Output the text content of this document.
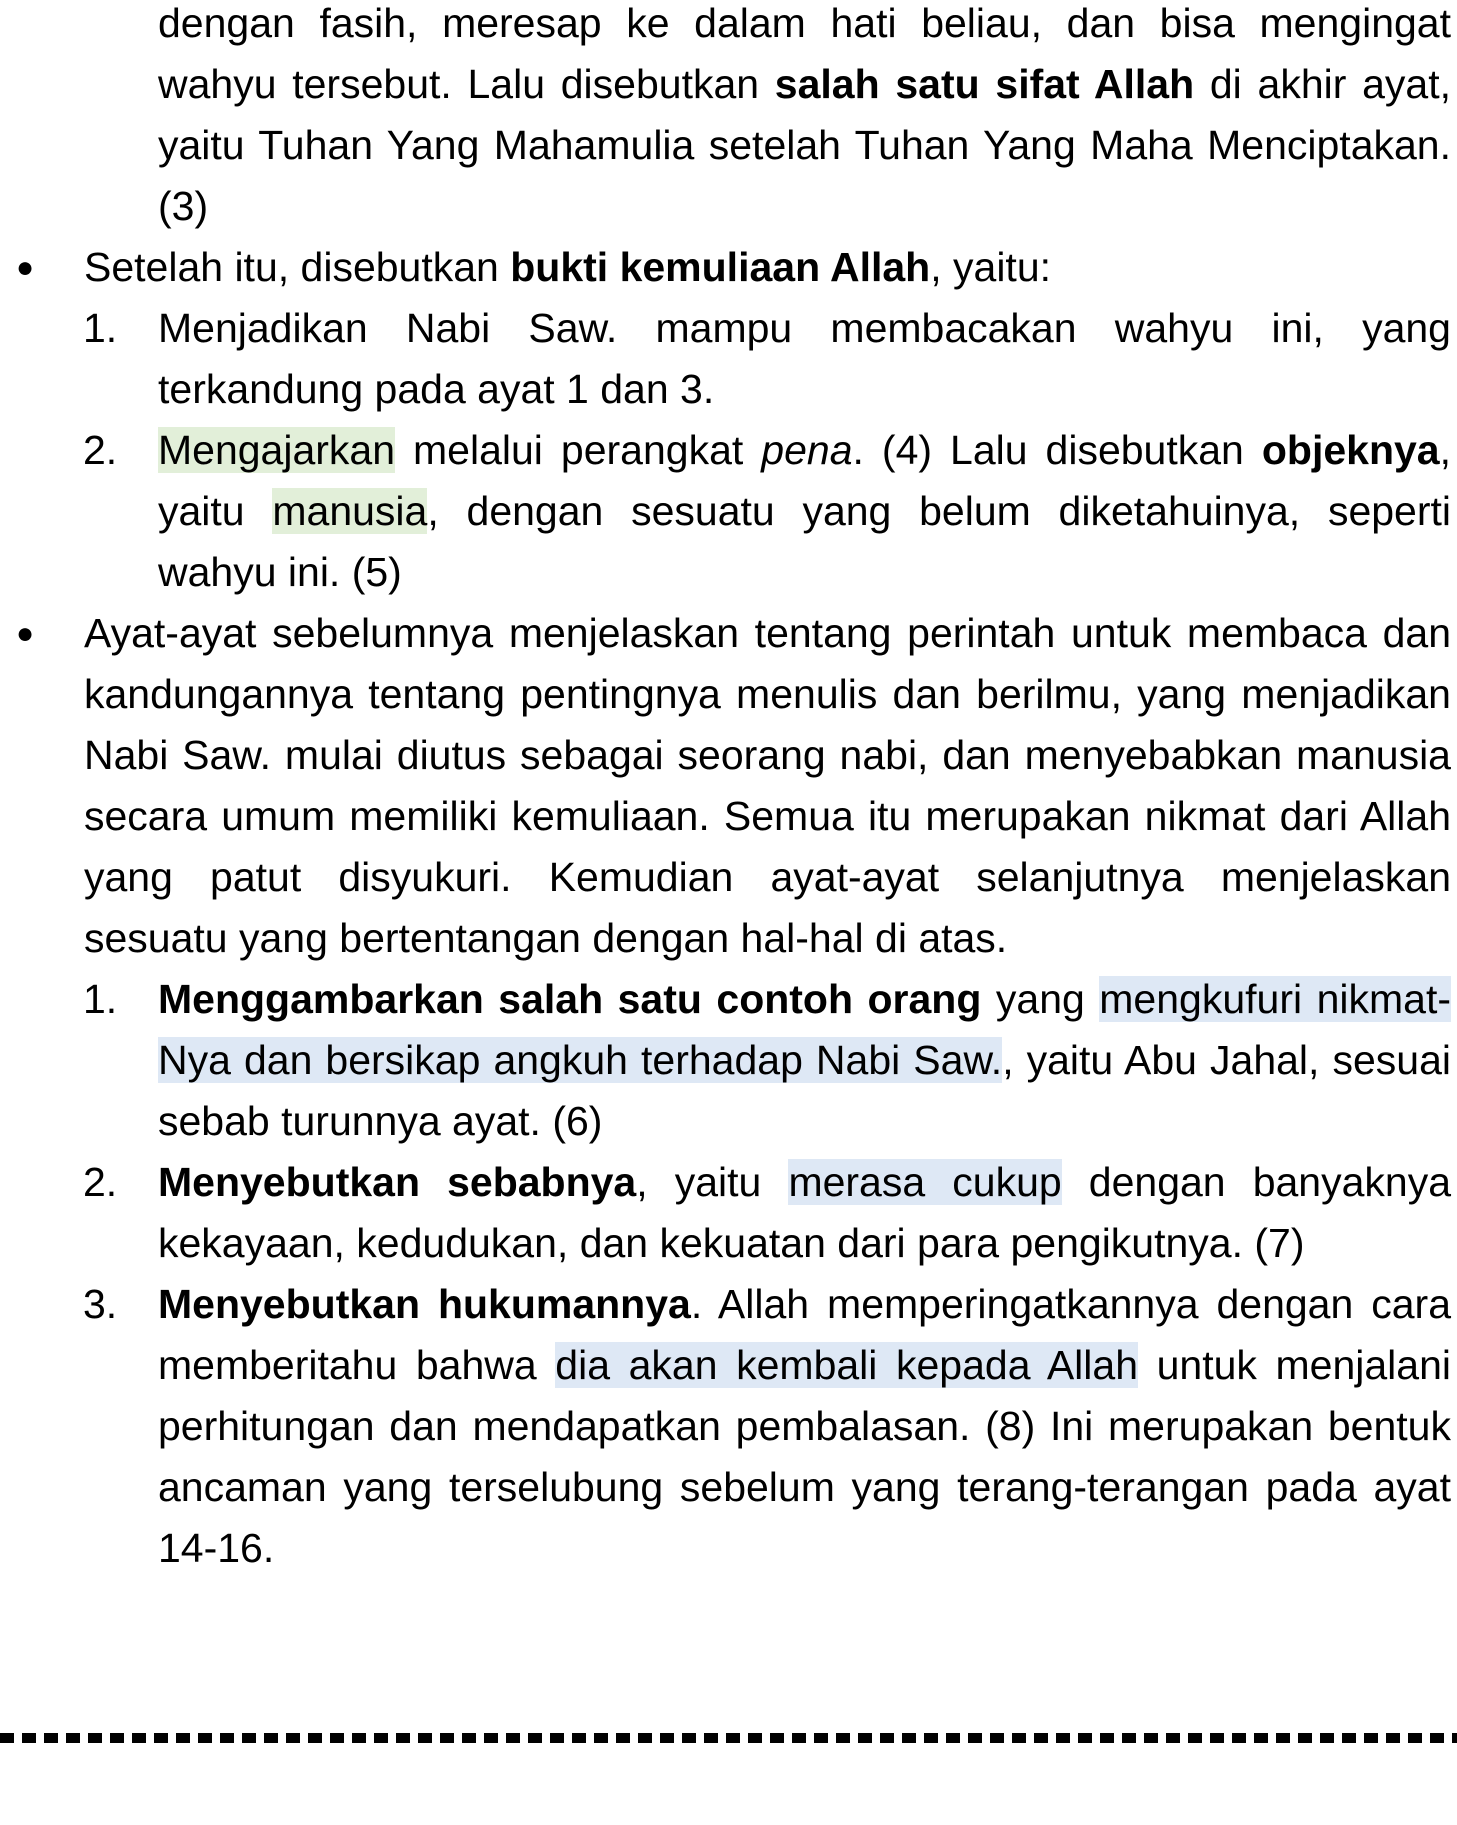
dengan fasih, meresap ke dalam hati beliau, dan bisa mengingat wahyu tersebut. Lalu disebutkan salah satu sifat Allah di akhir ayat, yaitu Tuhan Yang Mahamulia setelah Tuhan Yang Maha Menciptakan. (3)

● Setelah itu, disebutkan bukti kemuliaan Allah, yaitu:

1. Menjadikan Nabi Saw. mampu membacakan wahyu ini, yang terkandung pada ayat 1 dan 3.

2. Mengajarkan melalui perangkat pena. (4) Lalu disebutkan objeknya, yaitu manusia, dengan sesuatu yang belum diketahuinya, seperti wahyu ini. (5)

● Ayat-ayat sebelumnya menjelaskan tentang perintah untuk membaca dan kandungannya tentang pentingnya menulis dan berilmu, yang menjadikan Nabi Saw. mulai diutus sebagai seorang nabi, dan menyebabkan manusia secara umum memiliki kemuliaan. Semua itu merupakan nikmat dari Allah yang patut disyukuri. Kemudian ayat-ayat selanjutnya menjelaskan sesuatu yang bertentangan dengan hal-hal di atas.

1. Menggambarkan salah satu contoh orang yang mengkufuri nikmat-Nya dan bersikap angkuh terhadap Nabi Saw., yaitu Abu Jahal, sesuai sebab turunnya ayat. (6)

2. Menyebutkan sebabnya, yaitu merasa cukup dengan banyaknya kekayaan, kedudukan, dan kekuatan dari para pengikutnya. (7)

3. Menyebutkan hukumannya. Allah memperingatkannya dengan cara memberitahu bahwa dia akan kembali kepada Allah untuk menjalani perhitungan dan mendapatkan pembalasan. (8) Ini merupakan bentuk ancaman yang terselubung sebelum yang terang-terangan pada ayat 14-16.
